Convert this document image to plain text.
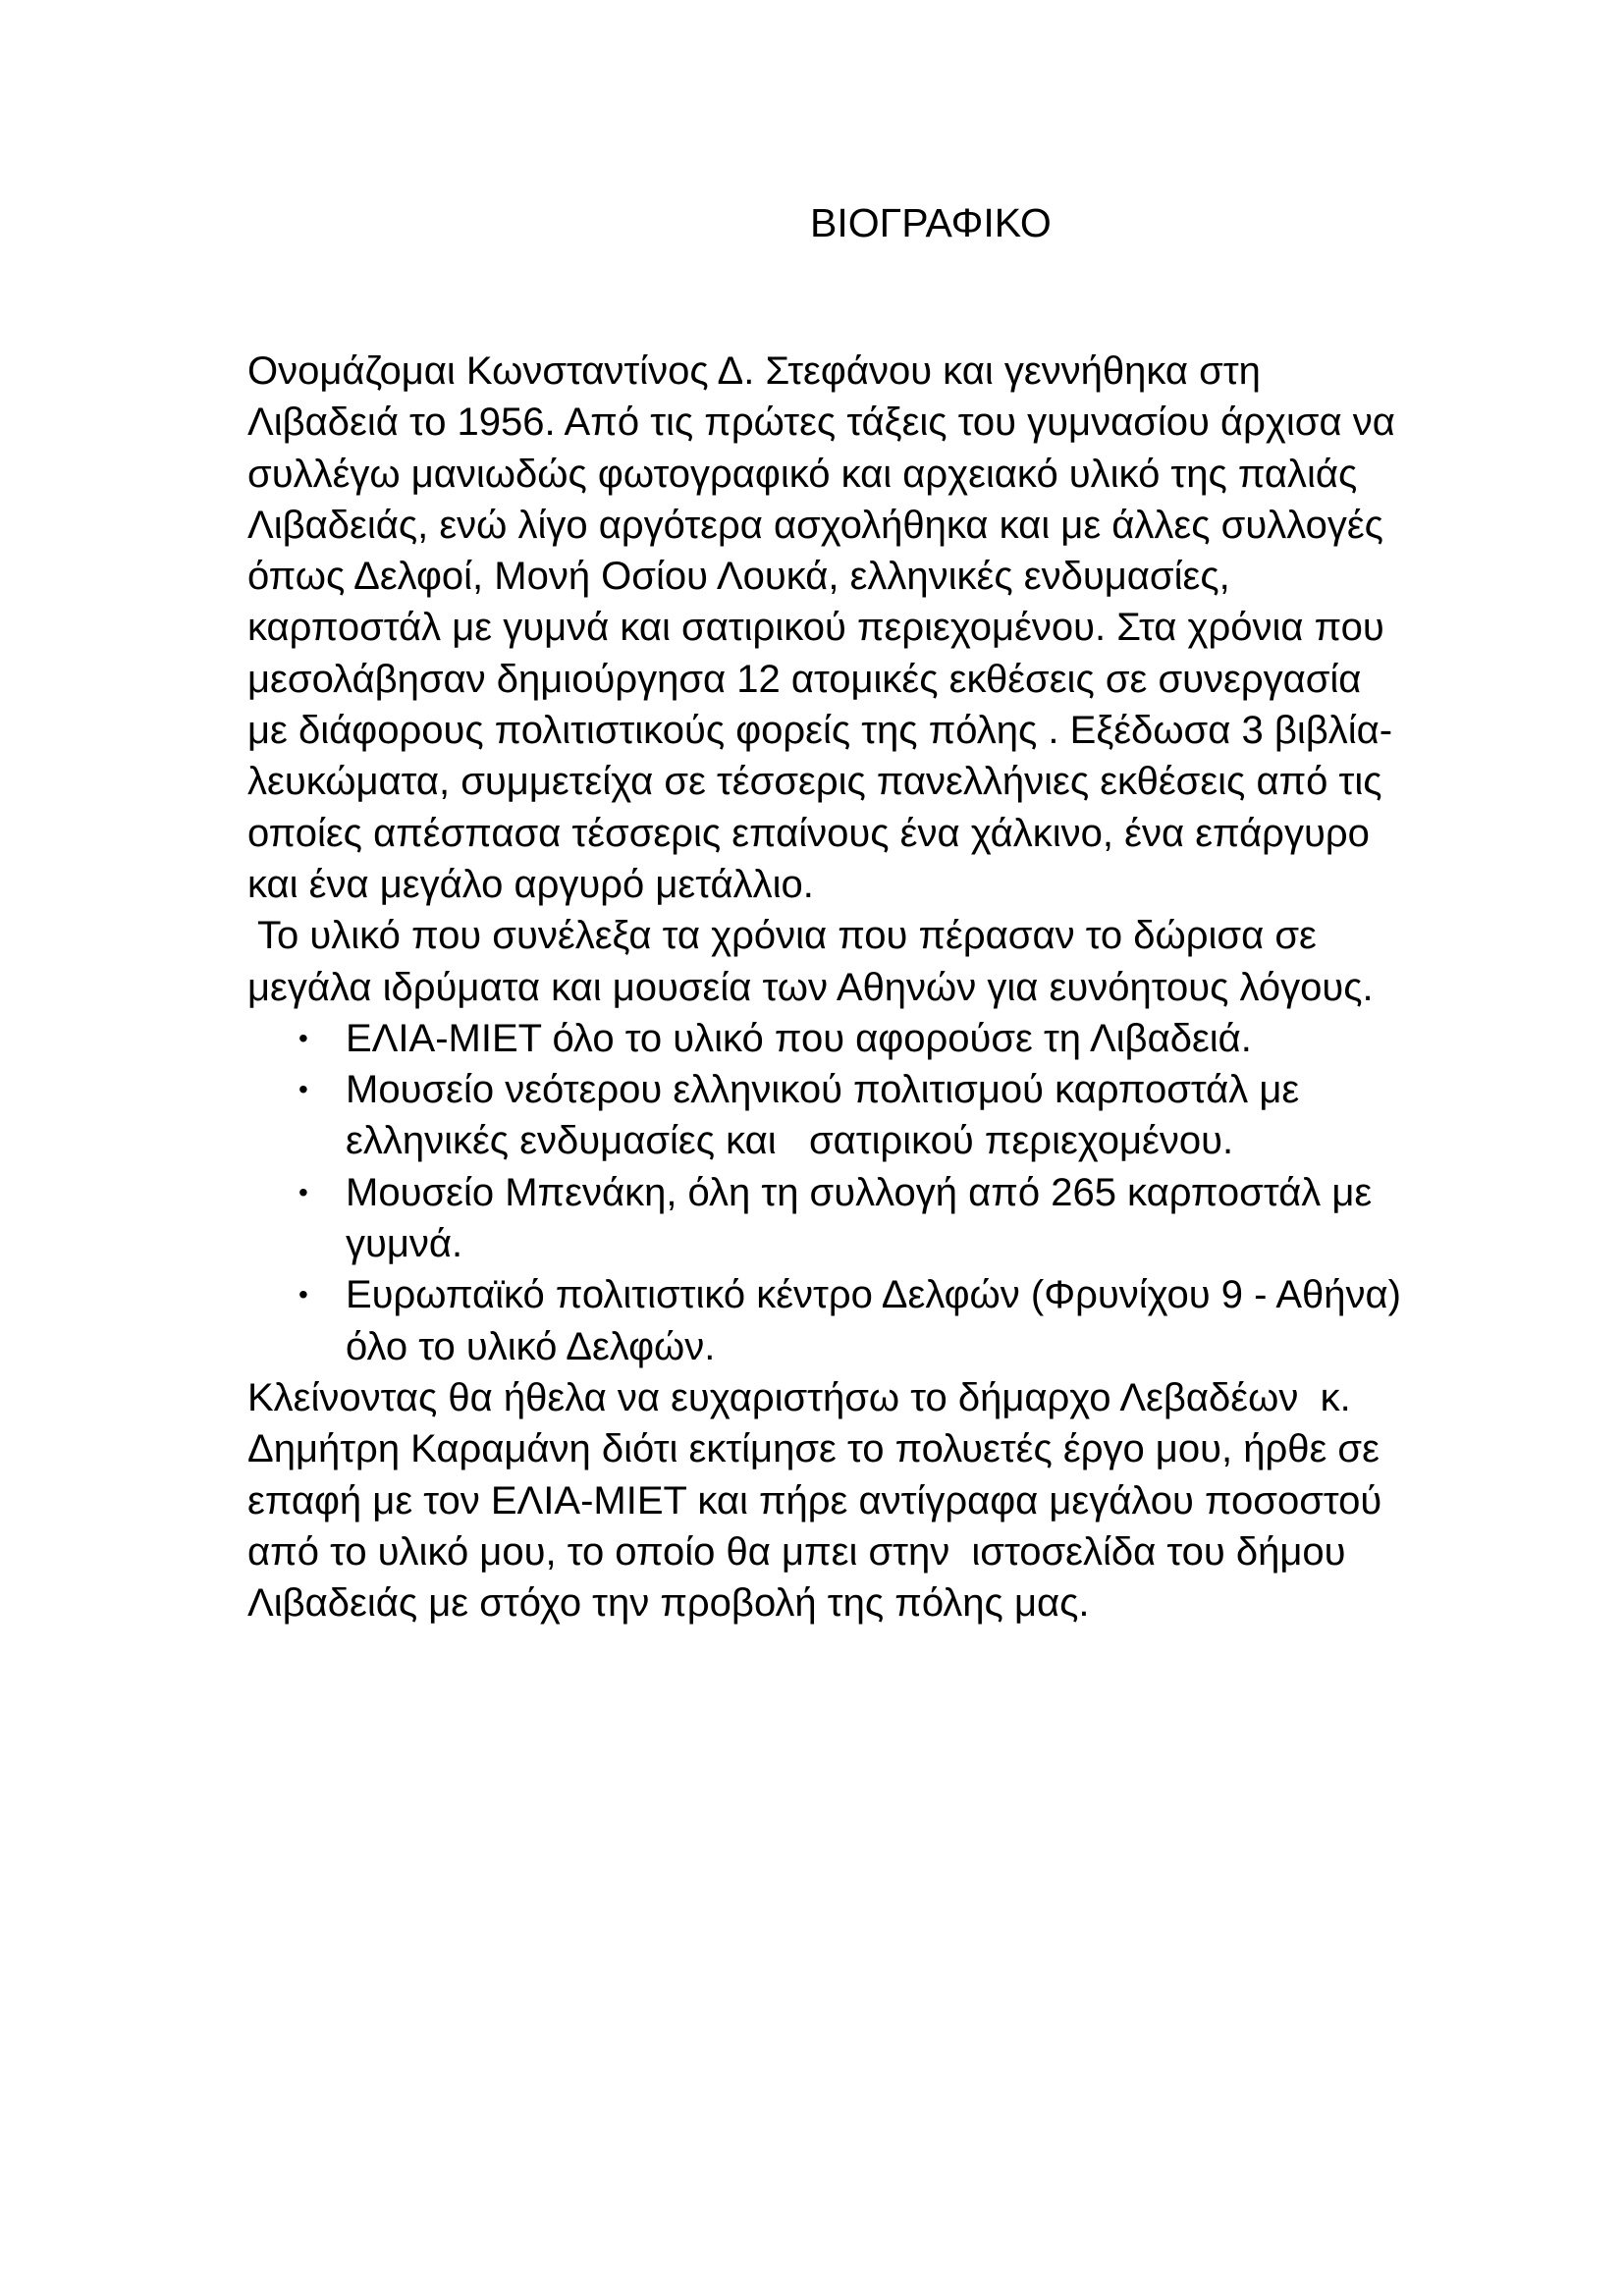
ΒΙΟΓΡΑΦΙΚΟ

Ονομάζομαι Κωνσταντίνος Δ. Στεφάνου και γεννήθηκα στη Λιβαδειά το 1956. Από τις πρώτες τάξεις του γυμνασίου άρχισα να συλλέγω μανιωδώς φωτογραφικό και αρχειακό υλικό της παλιάς Λιβαδειάς, ενώ λίγο αργότερα ασχολήθηκα και με άλλες συλλογές όπως Δελφοί, Μονή Οσίου Λουκά, ελληνικές ενδυμασίες, καρποστάλ με γυμνά και σατιρικού περιεχομένου. Στα χρόνια που μεσολάβησαν δημιούργησα 12 ατομικές εκθέσεις σε συνεργασία με διάφορους πολιτιστικούς φορείς της πόλης . Εξέδωσα 3 βιβλία-λευκώματα, συμμετείχα σε τέσσερις πανελλήνιες εκθέσεις από τις οποίες απέσπασα τέσσερις επαίνους ένα χάλκινο, ένα επάργυρο και ένα μεγάλο αργυρό μετάλλιο.

Το υλικό που συνέλεξα τα χρόνια που πέρασαν το δώρισα σε μεγάλα ιδρύματα και μουσεία των Αθηνών για ευνόητους λόγους.

• ΕΛΙΑ-ΜΙΕΤ όλο το υλικό που αφορούσε τη Λιβαδειά.
• Μουσείο νεότερου ελληνικού πολιτισμού καρποστάλ με ελληνικές ενδυμασίες και   σατιρικού περιεχομένου.
• Μουσείο Μπενάκη, όλη τη συλλογή από 265 καρποστάλ με γυμνά.
• Ευρωπαϊκό πολιτιστικό κέντρο Δελφών (Φρυνίχου 9 - Αθήνα) όλο το υλικό Δελφών.

Κλείνοντας θα ήθελα να ευχαριστήσω το δήμαρχο Λεβαδέων  κ. Δημήτρη Καραμάνη διότι εκτίμησε το πολυετές έργο μου, ήρθε σε επαφή με τον ΕΛΙΑ-ΜΙΕΤ και πήρε αντίγραφα μεγάλου ποσοστού από το υλικό μου, το οποίο θα μπει στην  ιστοσελίδα του δήμου Λιβαδειάς με στόχο την προβολή της πόλης μας.
